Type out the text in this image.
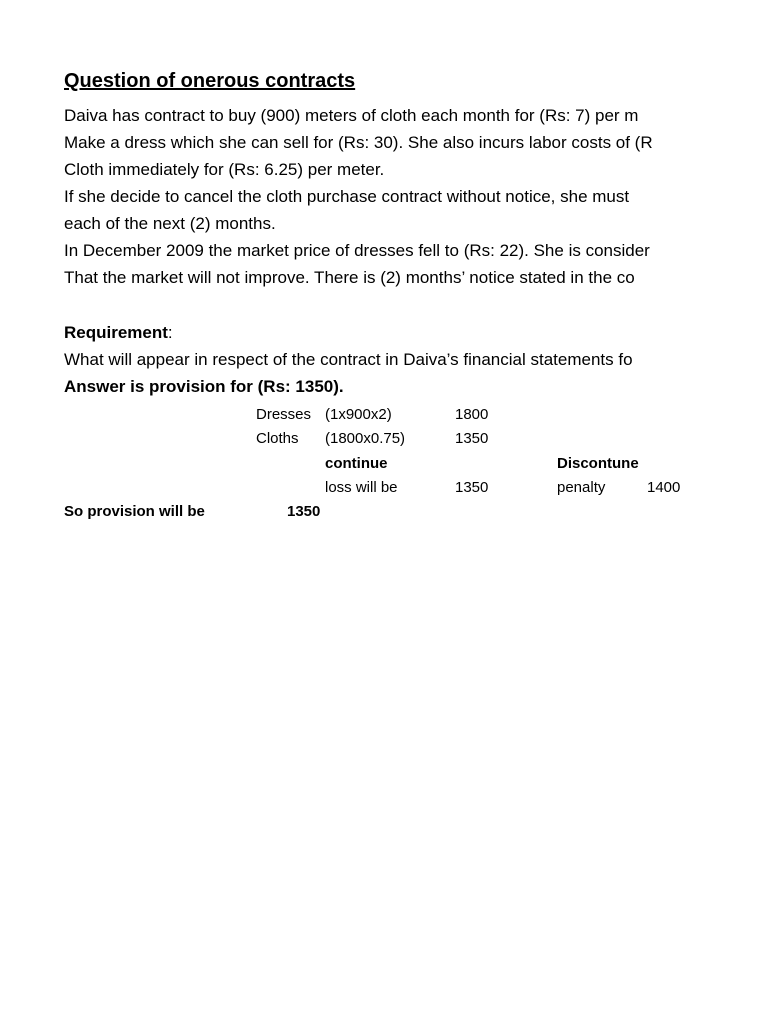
Question of onerous contracts
Daiva has contract to buy (900) meters of cloth each month for (Rs: 7) per m
Make a dress which she can sell for (Rs: 30). She also incurs labor costs of (R
Cloth immediately for (Rs: 6.25) per meter.
If she decide to cancel the cloth purchase contract without notice, she must
each of the next (2) months.
In December 2009 the market price of dresses fell to (Rs: 22). She is consider
That the market will not improve. There is (2) months’ notice stated in the co
Requirement:
What will appear in respect of the contract in Daiva’s financial statements fo
Answer is provision for (Rs: 1350).
Dresses (1x900x2)	1800
Cloths (1800x0.75)	1350
continue	Discontune
loss will be	1350	penalty	1400
So provision will be	1350
